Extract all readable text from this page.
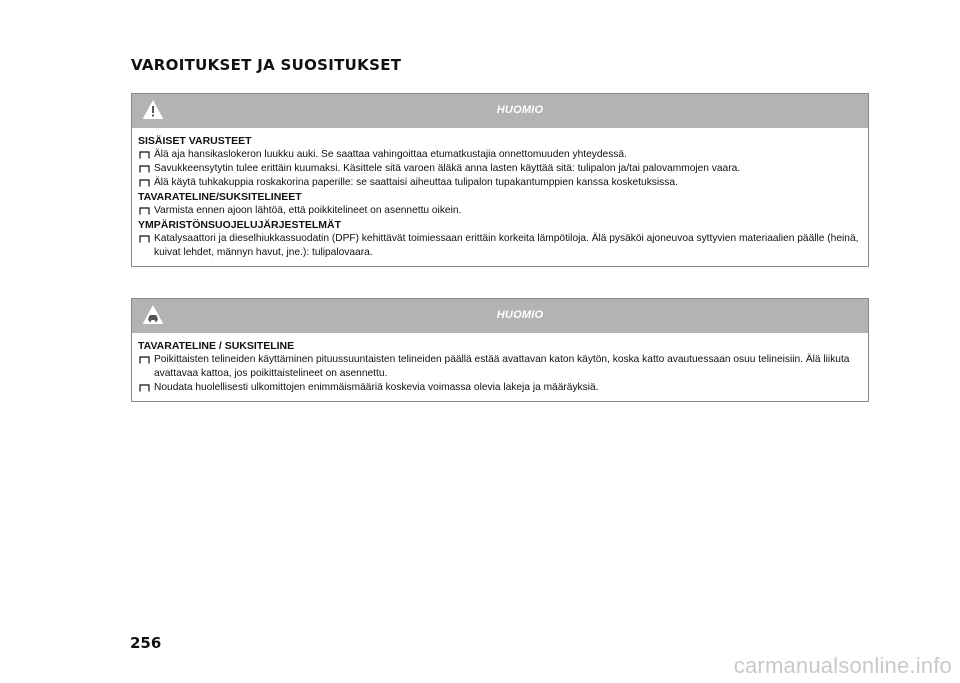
VAROITUKSET JA SUOSITUKSET
HUOMIO

SISÄISET VARUSTEET

Älä aja hansikaslokeron luukku auki. Se saattaa vahingoittaa etumatkustajia onnettomuuden yhteydessä.

Savukkeensytytin tulee erittäin kuumaksi. Käsittele sitä varoen äläkä anna lasten käyttää sitä: tulipalon ja/tai palovammojen vaara.

Älä käytä tuhkakuppia roskakorina paperille: se saattaisi aiheuttaa tulipalon tupakantumppien kanssa kosketuksissa.

TAVARATELINE/SUKSITELINEET

Varmista ennen ajoon lähtöä, että poikkitelineet on asennettu oikein.

YMPÄRISTÖNSUOJELUJÄRJESTELMÄT

Katalysaattori ja dieselhiukkassuodatin (DPF) kehittävät toimiessaan erittäin korkeita lämpötiloja. Älä pysäköi ajoneuvoa syttyvien materiaalien päälle (heinä, kuivat lehdet, männyn havut, jne.): tulipalovaara.

HUOMIO

TAVARATELINE / SUKSITELINE

Poikittaisten telineiden käyttäminen pituussuuntaisten telineiden päällä estää avattavan katon käytön, koska katto avautuessaan osuu telineisiin. Älä liikuta avattavaa kattoa, jos poikittaistelineet on asennettu.

Noudata huolellisesti ulkomittojen enimmäismääriä koskevia voimassa olevia lakeja ja määräyksiä.

256
carmanualsonline.info
